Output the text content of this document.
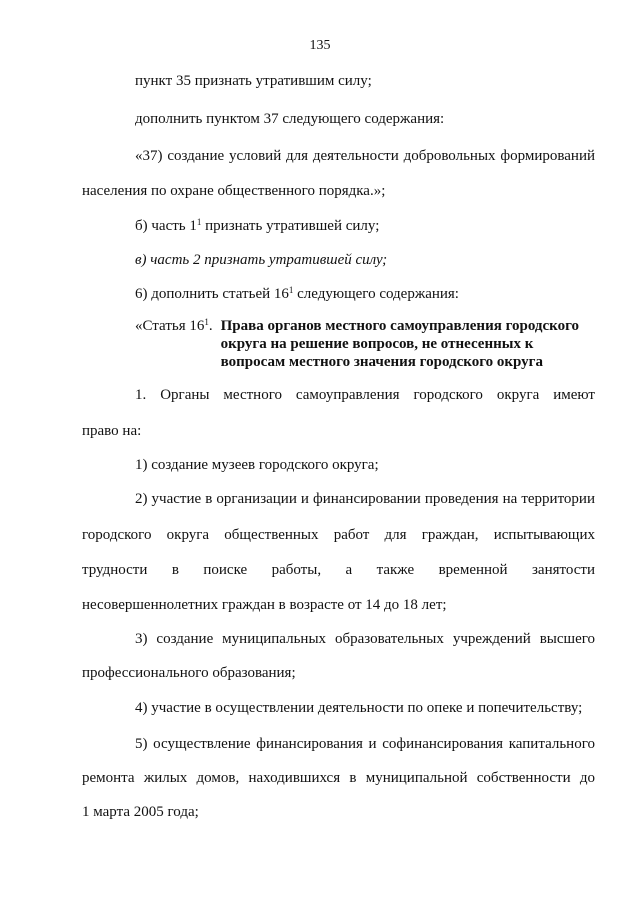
135
пункт 35 признать утратившим силу;
дополнить пунктом 37 следующего содержания:
«37) создание условий для деятельности добровольных формирований
населения по охране общественного порядка.»;
б) часть $1^1$ признать утратившей силу;
в) часть 2 признать утратившей силу;
6) дополнить статьей $16^1$ следующего содержания:
«Статья $16^1$. Права органов местного самоуправления городского
округа на решение вопросов, не отнесенных к
вопросам местного значения городского округа
1. Органы местного самоуправления городского округа имеют
право на:
1) создание музеев городского округа;
2) участие в организации и финансировании проведения на территории
городского округа общественных работ для граждан, испытывающих
трудности в поиске работы, а также временной занятости
несовершеннолетних граждан в возрасте от 14 до 18 лет;
3) создание муниципальных образовательных учреждений высшего
профессионального образования;
4) участие в осуществлении деятельности по опеке и попечительству;
5) осуществление финансирования и софинансирования капитального
ремонта жилых домов, находившихся в муниципальной собственности до
1 марта 2005 года;
